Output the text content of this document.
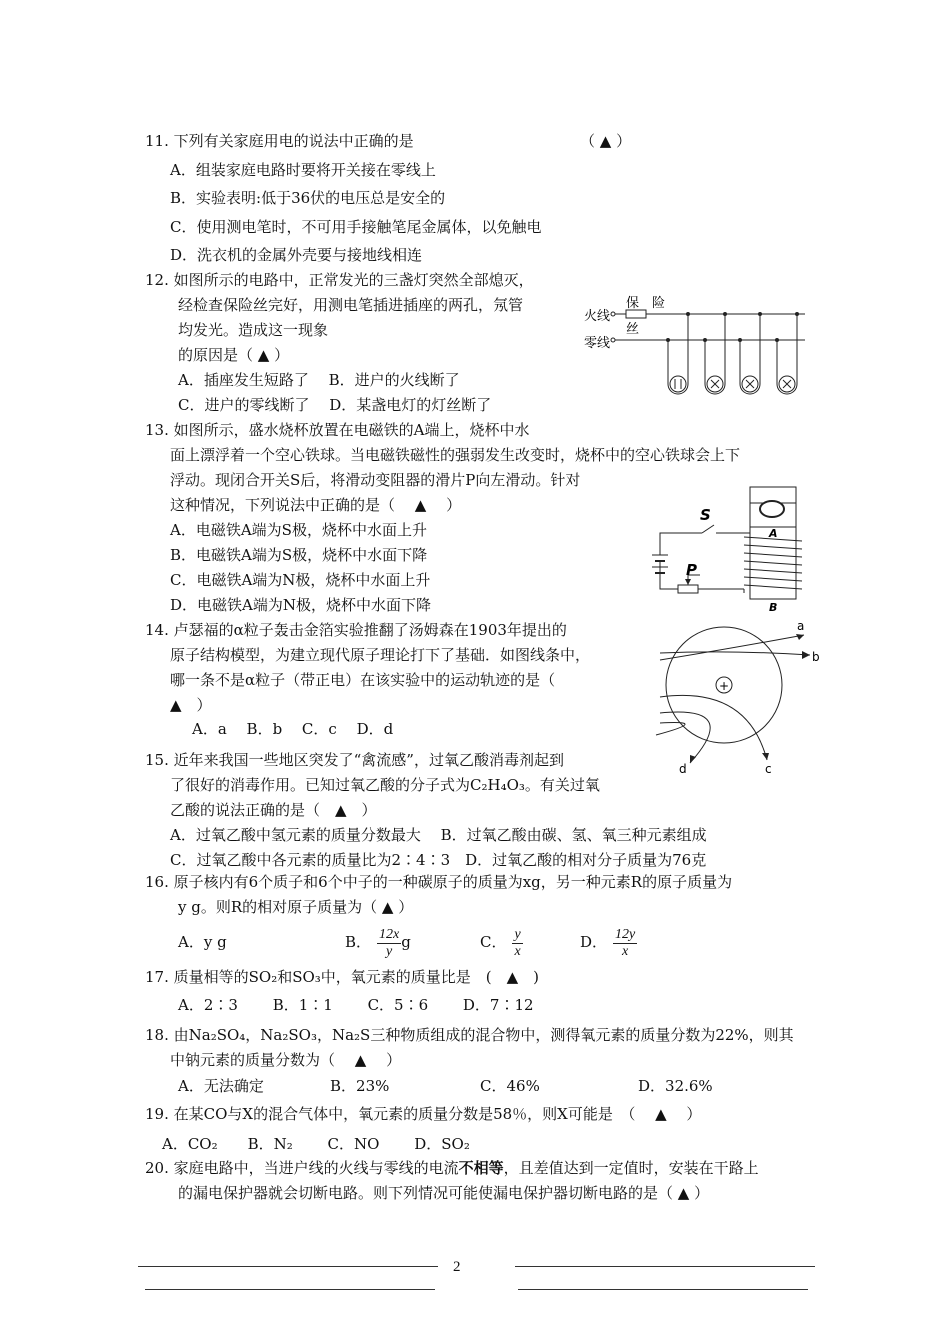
11. 下列有关家庭用电的说法中正确的是	（ ▲ ）
A．组装家庭电路时要将开关接在零线上
B．实验表明:低于36伏的电压总是安全的
C．使用测电笔时，不可用手接触笔尾金属体，以免触电
D．洗衣机的金属外壳要与接地线相连
12. 如图所示的电路中，正常发光的三盏灯突然全部熄灭，
经检查保险丝完好，用测电笔插进插座的两孔，氖管
均发光。造成这一现象
的原因是（ ▲ ）
A．插座发生短路了　 B．进户的火线断了
C．进户的零线断了　 D．某盏电灯的灯丝断了
火线
零线
保 险
丝
13. 如图所示，盛水烧杯放置在电磁铁的A端上，烧杯中水
面上漂浮着一个空心铁球。当电磁铁磁性的强弱发生改变时，烧杯中的空心铁球会上下
浮动。现闭合开关S后，将滑动变阻器的滑片P向左滑动。针对
这种情况，下列说法中正确的是（　 ▲　 ）
A．电磁铁A端为S极，烧杯中水面上升
B．电磁铁A端为S极，烧杯中水面下降
C．电磁铁A端为N极，烧杯中水面上升
D．电磁铁A端为N极，烧杯中水面下降
A
B
S
P
14. 卢瑟福的α粒子轰击金箔实验推翻了汤姆森在1903年提出的
原子结构模型，为建立现代原子理论打下了基础．如图线条中，
哪一条不是α粒子（带正电）在该实验中的运动轨迹的是（
▲　）
A．a　 B．b　 C．c　 D．d
+
a
b
c
d
15. 近年来我国一些地区突发了“禽流感”，过氧乙酸消毒剂起到
了很好的消毒作用。已知过氧乙酸的分子式为C₂H₄O₃。有关过氧
乙酸的说法正确的是（　▲　）
A．过氧乙酸中氢元素的质量分数最大　 B．过氧乙酸由碳、氢、氧三种元素组成
C．过氧乙酸中各元素的质量比为2∶4∶3　D．过氧乙酸的相对分子质量为76克
16. 原子核内有6个质子和6个中子的一种碳原子的质量为xg，另一种元素R的原子质量为
y g。则R的相对原子质量为（ ▲ ）
A．y g	B． $\frac{12x}{y}$ g	C． $\frac{y}{x}$	D． $\frac{12y}{x}$
17. 质量相等的SO₂和SO₃中，氧元素的质量比是　(　▲　)
A．2∶3　　 B．1∶1　　 C．5∶6　　 D．7∶12
18. 由Na₂SO₄，Na₂SO₃，Na₂S三种物质组成的混合物中，测得氧元素的质量分数为22%，则其
中钠元素的质量分数为（　 ▲　 ）
A．无法确定	B．23%	C．46%	D．32.6%
19. 在某CO与X的混合气体中，氧元素的质量分数是58％，则X可能是　（　 ▲　 ）
A．CO₂　　B．N₂　　 C．NO　　 D．SO₂
20. 家庭电路中，当进户线的火线与零线的电流不相等，且差值达到一定值时，安装在干路上
的漏电保护器就会切断电路。则下列情况可能使漏电保护器切断电路的是（ ▲ ）
2
